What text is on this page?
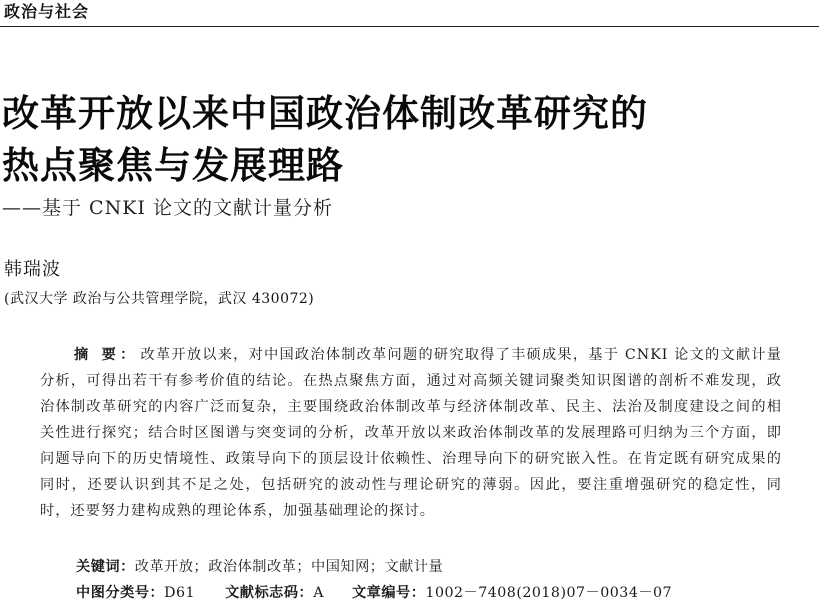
政治与社会
改革开放以来中国政治体制改革研究的
热点聚焦与发展理路
——基于 CNKI 论文的文献计量分析
韩瑞波
(武汉大学 政治与公共管理学院，武汉 430072)
摘 要： 改革开放以来，对中国政治体制改革问题的研究取得了丰硕成果，基于 CNKI 论文的文献计量分析，可得出若干有参考价值的结论。在热点聚焦方面，通过对高频关键词聚类知识图谱的剖析不难发现，政治体制改革研究的内容广泛而复杂，主要围绕政治体制改革与经济体制改革、民主、法治及制度建设之间的相关性进行探究；结合时区图谱与突变词的分析，改革开放以来政治体制改革的发展理路可归纳为三个方面，即问题导向下的历史情境性、政策导向下的顶层设计依赖性、治理导向下的研究嵌入性。在肯定既有研究成果的同时，还要认识到其不足之处，包括研究的波动性与理论研究的薄弱。因此，要注重增强研究的稳定性，同时，还要努力建构成熟的理论体系，加强基础理论的探讨。
关键词：改革开放；政治体制改革；中国知网；文献计量
中图分类号：D61 文献标志码：A 文章编号：1002－7408(2018)07－0034－07
